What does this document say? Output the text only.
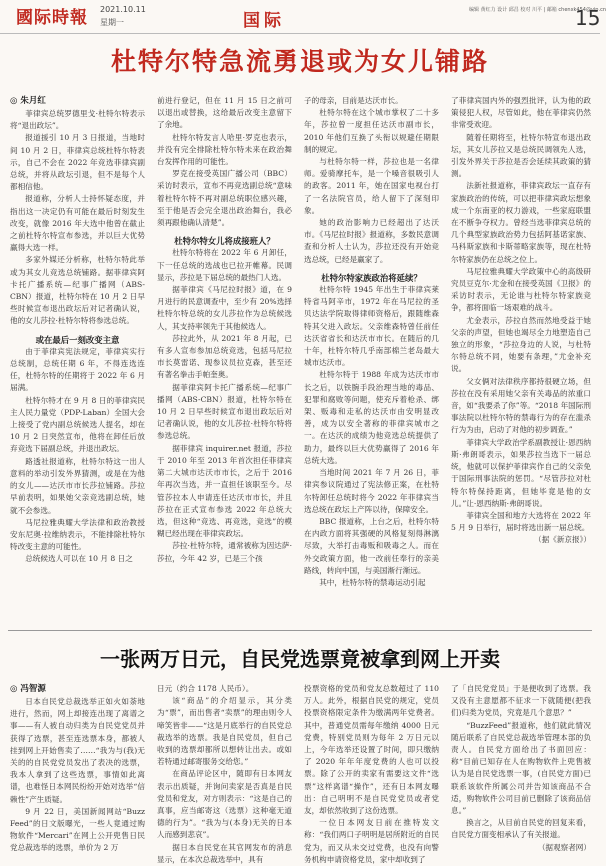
國际時報 2021.10.11
星期一	国际
编辑 黄红力 设计 邱昌 校对 川平 | 邮箱 chenxk454@vip.cn
15
杜特尔特急流勇退或为女儿铺路
◎ 朱月红

菲律宾总统罗德里戈·杜特尔特表示将“退出政坛”。

报道援引 10 月 3 日报道，当地时间 10 月 2 日，菲律宾总统杜特尔特表示，自己不会在 2022 年竞选菲律宾副总统，并将从政坛引退，但不是每个人都相信他。

报道称，分析人士持怀疑态度，并指出这一决定仍有可能在最后时刻发生改变，就像 2016 年大选中他曾在截止之前杜特尔特宣布参选，并以巨大优势赢得大选一样。

多家外媒还分析称，杜特尔特此举或为其女儿竞选总统铺路。据菲律宾阿卡托广播系统—纪事广播网（ABS-CBN）报道，杜特尔特在 10 月 2 日早些时候宣布退出政坛后对记者确认说，他的女儿莎拉·杜特尔特将参选总统。

或在最后一刻改变主意

由于菲律宾宪法规定，菲律宾实行总统制，总统任期 6 年，不得连选连任，杜特尔特的任期将于 2022 年 6 月届满。

杜特尔特才在 9 月 8 日的菲律宾民主人民力量党（PDP-Laban）全国大会上接受了党内副总统候选人提名，却在 10 月 2 日突然宣布，他将在卸任后放弃竞选下届副总统，并退出政坛。

路透社报道称，杜特尔特这一出人意料的举动引发外界猜测，或是在为他的女儿——达沃市市长莎拉铺路。莎拉早前表明，如果她父亲竞选副总统，她就不会参选。

马尼拉雅典耀大学法律和政治教授安东尼奥·拉维纳表示，不能排除杜特尔特改变主意的可能性。

总统候选人可以在 10 月 8 日之

前进行登记，但在 11 月 15 日之前可以退出或替换，这给最后改变主意留下了余地。

杜特尔特发言人哈里·罗克也表示，并没有完全排除杜特尔特未来在政治舞台发挥作用的可能性。

罗克在接受英国广播公司（BBC）采访时表示，宣布不再竞选副总统“意味着杜特尔特不再对副总统职位感兴趣，至于他是否会完全退出政治舞台，我必须再跟他确认清楚”。

杜特尔特女儿将成接班人？

杜特尔特将在 2022 年 6 月卸任，下一任总统的选战也已拉开帷幕。民调显示，莎拉是下届总统的最热门人选。

据菲律宾《马尼拉时报》道，在 9 月进行的民意调查中，至少有 20%选择杜特尔特总统的女儿莎拉作为总统候选人，其支持率领先于其他候选人。

莎拉此外，从 2021 年 8 月起，已有多人宣布参加总统竞选，包括马尼拉市长莫雷诺、现参议员拉克森，甚至还有著名拳击手帕奎奥。

据菲律宾阿卡托广播系统—纪事广播网（ABS-CBN）报道，杜特尔特在 10 月 2 日早些时候宣布退出政坛后对记者确认说，他的女儿莎拉·杜特尔特将参选总统。

据菲律宾 inquirer.net 报道，莎拉于 2010 年至 2013 年首次担任菲律宾第二大城市达沃市市长，之后于 2016 年再次当选，并一直担任该职至今。尽管莎拉本人申请连任达沃市市长，并且莎拉在正式宣布参选 2022 年总统大选，但这种“竞选、再竞选，竞选”的模糊已经出现在菲律宾政坛。

莎拉·杜特尔特，通常被称为因达萨·莎拉，今年 42 岁，已是三个孩

子的母亲，目前是达沃市长。

杜特尔特在这个城市掌权了二十多年，莎拉曾一度担任达沃市副市长，2010 年他们互换了头衔以规避任期限制的规定。

与杜特尔特一样，莎拉也是一名律师。爱骑摩托车，是一个嗓音很吸引人的政客。2011 年，她在国家电视台打了一名法院官员，给人留下了深刻印象。

她的政治影响力已经超出了达沃市。《马尼拉时报》报道称，多数民意调查和分析人士认为，莎拉还没有开始竞选总统，已经是赢家了。

杜特尔特家族政治将延续？

杜特尔特 1945 年出生于菲律宾莱特省马阿辛市，1972 年在马尼拉的圣贝达法学院取得律师资格后，跟随维森特其父进入政坛。父亲维森特曾任前任达沃省省长和达沃市市长。在随后的几十年，杜特尔特几乎南部棉兰老岛最大城市达沃市。

杜特尔特于 1988 年成为达沃市市长之后，以铁腕手段治理当地的毒品、犯罪和腐败等问题，使充斥着枪杀、绑架、贩毒和走私的达沃市由安明显改善，成为以安全著称的菲律宾城市之一。在达沃的成绩为他竞选总统提供了助力，最终以巨大优势赢得了 2016 年总统大选。

当地时间 2021 年 7 月 26 日，菲律宾参议院通过了宪法修正案，在杜特尔特卸任总统时将今 2022 年菲律宾当选总统在政坛上产阵以待，保障安全。

BBC 报道称，上台之后，杜特尔特在内政方面将其强硬的风格复刻得淋漓尽致，大举打击毒贩和吸毒之人。而在外交政策方面，他一改前任奉行的亲美路线，转向中国，与美国渐行渐远。

其中，杜特尔特的禁毒运动引起

了菲律宾国内外的强烈批评，认为他的政策侵犯人权，尽管如此，他在菲律宾仍然非常受欢迎。

随着任期将至，杜特尔特宣布退出政坛，其女儿莎拉又是总统民调领先人选，引发外界关于莎拉是否会延续其政策的猜测。

法新社报道称，菲律宾政坛一直存有家族政治的传统，可以把菲律宾政坛想象成一个东南亚的权力游戏，一些家庭联盟在不断争夺权力。曾经当选菲律宾总统的几个典型家族政治势力包括阿基诺家族、马科斯家族和卡斯蒂略家族等，现在杜特尔特家族仍在总统之位上。

马尼拉雅典耀大学政策中心的高级研究员豆克尔·尤金和在接受英国《卫报》的采访时表示，无论谁与杜特尔特家族竞争，都将面临一场艰难的战斗。

尤金表示，莎拉自然而然地受益于她父亲的声望，但她也竭尽全力地塑造自己独立的形象，“莎拉身边的人说，与杜特尔特总统不同，她要有条理，”尤金补充说。

父女俩对法律秩序都持很硬立场，但莎拉在没有采用她父亲有关毒品的浓重口音，如“我要杀了你”等。“2018 年国际刑事法院以杜特尔特的禁毒行为的存在滥杀行为为由，启动了对他的初步调查。”

菲律宾大学政治学系副教授让·恩西纳斯·弗朗哥表示，如果莎拉当选下一届总统，他就可以保护菲律宾作自己的父亲免于国际刑事法院的惩罚。“尽管莎拉对杜特尔特保持距离，但她毕竟是他的女儿。”让·恩西纳斯·弗朗哥说。

菲律宾全国和地方大选将在 2022 年 5 月 9 日举行，届时将选出新一届总统。

（据《新京报》）

一张两万日元，自民党选票竟被拿到网上开卖
◎ 冯智源

日本自民党总裁选举正如火如荼地进行，然而，网上却接连出现了离谱之事——有人被自动归类为自民党党员并获得了选票，甚至连选票本身，都被人挂到网上开始售卖了……“我为与(我)无关的的自民党党员发出了表决的选票，我本人拿到了这些选票，事情如此离谱，也难怪日本网民纷纷开始对选举“信赖性”产生质疑。

9 月 22 日，美国新闻网站“Buzz Feed”的日文版曝光，一些人竟通过购物软件“Mercari”在网上公开兜售日民党总裁选举的选票，单价为 2 万

日元（约合 1178 人民币）。

该“商品”的介绍显示，其分类为“票”，而出售者“卖票”的理由则令人啼笑皆非——“这是月底举行的自民党总裁选举的选票。我是自民党员，但自己收到的选票却都所以想转让出去。或如若特通过邮寄服务交给您。”

在商品评论区中，随即有日本网友表示出质疑，并询问卖家是否真是自民党员和党友，对方则表示：“这是自己的真事，应当邮寄这（选票）这种毫无道德的行为”。“我为与(本身)无关的日本人而感到悲哀”。

据日本自民党在其官网发布的消息显示，在本次总裁选举中，具有

投票资格的党员和党友总数超过了 110 万人。此外，根据自民党的规定，党员投票资格限定条件为缴满两年党费者。其中，普通党员需每年缴纳 4000 日元党费，特别党员则为每年 2 万日元以上，今年选举还设置了时间，即只缴纳了 2020 年年年度党费的人也可以投票。除了公开的卖家有需要这文件“选票”这样离谱“操作”，还有日本网友曝出：自己明明不是自民党党员或者党友，却依然收到了这份选票。

一位日本网友日前在推特发文称：“我们两口子明明是居所附近的自民党为，而又从未交过党费，也没有向警务机构申请资格党员，家中却收到了

了「自民党党员」于是便收到了选票。我又没有主意愿都不征求一下就随便(把我们)归类为党员，究竟是几个意思？”

“BuzzFeed”报道称，他们就此情况随后联系了自民党总裁选举管理本部的负责人。自民党方面给出了书面回应：称“目前已知存在人在购物软件上兜售被认为是自民党选票一事，(自民党方面)已联系该软件所属公司并告知该商品不合适，购物软件公司目前已删除了该商品信息。”

换言之，从目前自民党的回复来看，自民党方面变相承认了有关报道。

（据观察者网）
